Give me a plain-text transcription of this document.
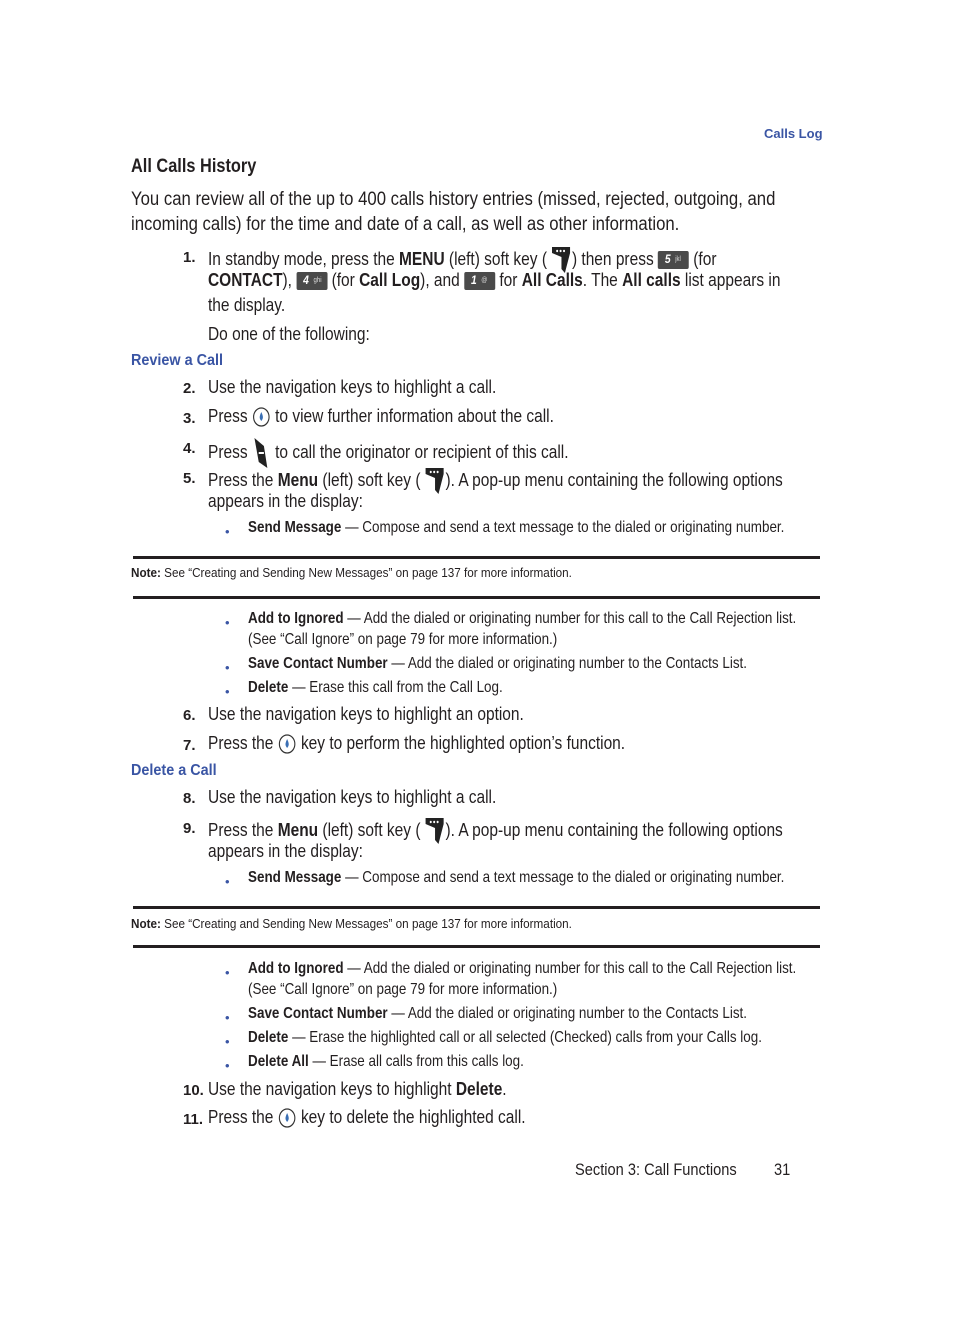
Calls Log
All Calls History
You can review all of the up to 400 calls history entries (missed, rejected, outgoing, and
incoming calls) for the time and date of a call, as well as other information.
1. In standby mode, press the MENU (left) soft key ( ) then press 5 jkl (for
CONTACT), 4 ghi (for Call Log), and 1 @ for All Calls. The All calls list appears in
the display.
Do one of the following:
Review a Call
2. Use the navigation keys to highlight a call.
3. Press to view further information about the call.
4. Press to call the originator or recipient of this call.
5. Press the Menu (left) soft key ( ). A pop-up menu containing the following options
appears in the display:
• Send Message — Compose and send a text message to the dialed or originating number.
Note: See “Creating and Sending New Messages” on page 137 for more information.
• Add to Ignored — Add the dialed or originating number for this call to the Call Rejection list.
(See “Call Ignore” on page 79 for more information.)
• Save Contact Number — Add the dialed or originating number to the Contacts List.
• Delete — Erase this call from the Call Log.
6. Use the navigation keys to highlight an option.
7. Press the key to perform the highlighted option’s function.
Delete a Call
8. Use the navigation keys to highlight a call.
9. Press the Menu (left) soft key ( ). A pop-up menu containing the following options
appears in the display:
• Send Message — Compose and send a text message to the dialed or originating number.
Note: See “Creating and Sending New Messages” on page 137 for more information.
• Add to Ignored — Add the dialed or originating number for this call to the Call Rejection list.
(See “Call Ignore” on page 79 for more information.)
• Save Contact Number — Add the dialed or originating number to the Contacts List.
• Delete — Erase the highlighted call or all selected (Checked) calls from your Calls log.
• Delete All — Erase all calls from this calls log.
10. Use the navigation keys to highlight Delete.
11. Press the key to delete the highlighted call.
Section 3: Call Functions 31
